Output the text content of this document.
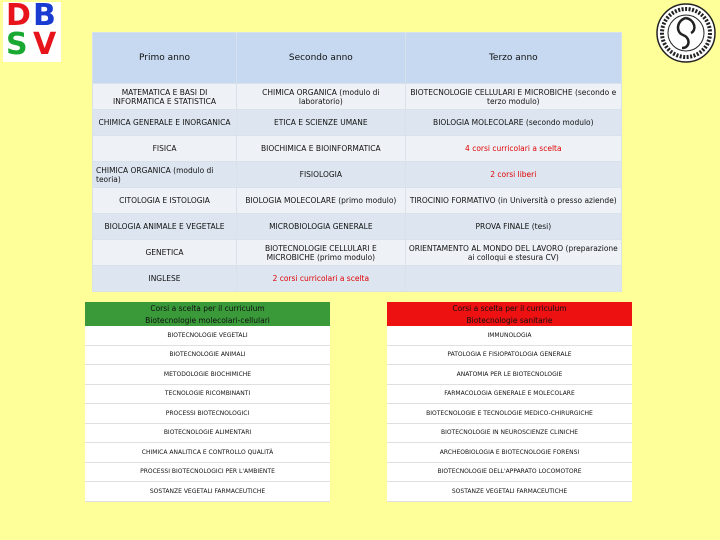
D B
S V	Primo anno	Secondo anno	Terzo anno
MATEMATICA E BASI DI INFORMATICA E STATISTICA	CHIMICA ORGANICA (modulo di laboratorio)	BIOTECNOLOGIE CELLULARI E MICROBICHE (secondo e terzo modulo)
CHIMICA GENERALE E INORGANICA	ETICA E SCIENZE UMANE	BIOLOGIA MOLECOLARE (secondo modulo)
FISICA	BIOCHIMICA E BIOINFORMATICA	4 corsi curricolari a scelta
CHIMICA ORGANICA (modulo di teoria)	FISIOLOGIA	2 corsi liberi
CITOLOGIA E ISTOLOGIA	BIOLOGIA MOLECOLARE (primo modulo)	TIROCINIO FORMATIVO (in Università o presso aziende)
BIOLOGIA ANIMALE E VEGETALE	MICROBIOLOGIA GENERALE	PROVA FINALE (tesi)
GENETICA	BIOTECNOLOGIE CELLULARI E MICROBICHE (primo modulo)	ORIENTAMENTO AL MONDO DEL LAVORO (preparazione ai colloqui e stesura CV)
INGLESE	2 corsi curricolari a scelta	
Corsi a scelta per il curriculum
Biotecnologie molecolari-cellulari
BIOTECNOLOGIE VEGETALI
BIOTECNOLOGIE ANIMALI
METODOLOGIE BIOCHIMICHE
TECNOLOGIE RICOMBINANTI
PROCESSI BIOTECNOLOGICI
BIOTECNOLOGIE ALIMENTARI
CHIMICA ANALITICA E CONTROLLO QUALITÀ
PROCESSI BIOTECNOLOGICI PER L'AMBIENTE
SOSTANZE VEGETALI FARMACEUTICHE
Corsi a scelta per il curriculum
Biotecnologie sanitarie
IMMUNOLOGIA
PATOLOGIA E FISIOPATOLOGIA GENERALE
ANATOMIA PER LE BIOTECNOLOGIE
FARMACOLOGIA GENERALE E MOLECOLARE
BIOTECNOLOGIE E TECNOLOGIE MEDICO-CHIRURGICHE
BIOTECNOLOGIE IN NEUROSCIENZE CLINICHE
ARCHEOBIOLOGIA E BIOTECNOLOGIE FORENSI
BIOTECNOLOGIE DELL'APPARATO LOCOMOTORE
SOSTANZE VEGETALI FARMACEUTICHE
